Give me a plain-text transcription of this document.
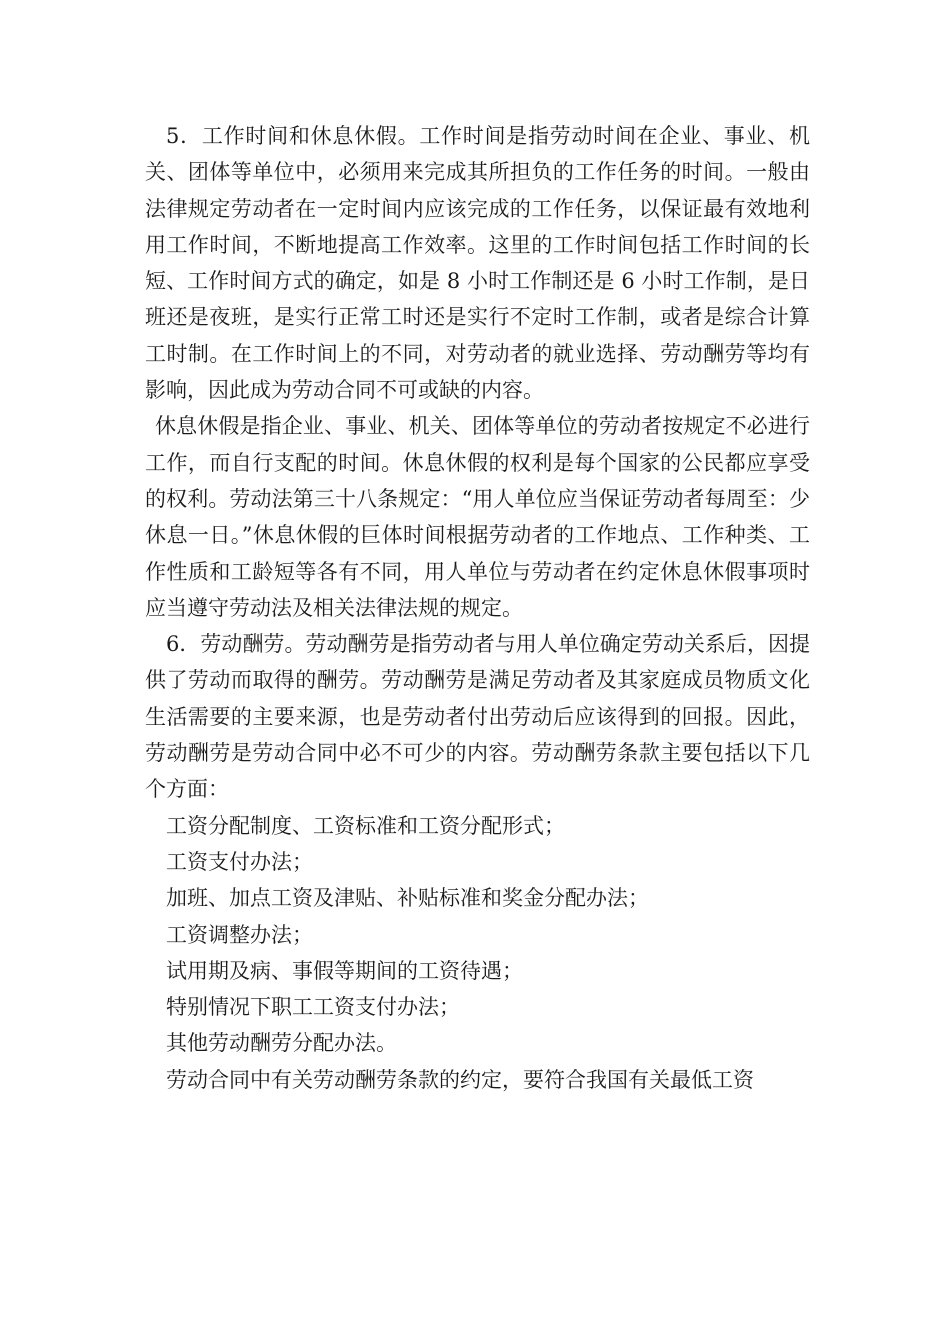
5．工作时间和休息休假。工作时间是指劳动时间在企业、事业、机关、团体等单位中，必须用来完成其所担负的工作任务的时间。一般由法律规定劳动者在一定时间内应该完成的工作任务，以保证最有效地利用工作时间，不断地提高工作效率。这里的工作时间包括工作时间的长短、工作时间方式的确定，如是 8 小时工作制还是 6 小时工作制，是日班还是夜班，是实行正常工时还是实行不定时工作制，或者是综合计算工时制。在工作时间上的不同，对劳动者的就业选择、劳动酬劳等均有影响，因此成为劳动合同不可或缺的内容。

休息休假是指企业、事业、机关、团体等单位的劳动者按规定不必进行工作，而自行支配的时间。休息休假的权利是每个国家的公民都应享受的权利。劳动法第三十八条规定：“用人单位应当保证劳动者每周至：少休息一日。”休息休假的巨体时间根据劳动者的工作地点、工作种类、工作性质和工龄短等各有不同，用人单位与劳动者在约定休息休假事项时应当遵守劳动法及相关法律法规的规定。

6．劳动酬劳。劳动酬劳是指劳动者与用人单位确定劳动关系后，因提供了劳动而取得的酬劳。劳动酬劳是满足劳动者及其家庭成员物质文化生活需要的主要来源，也是劳动者付出劳动后应该得到的回报。因此，劳动酬劳是劳动合同中必不可少的内容。劳动酬劳条款主要包括以下几个方面：

工资分配制度、工资标准和工资分配形式；
工资支付办法；
加班、加点工资及津贴、补贴标准和奖金分配办法；
工资调整办法；
试用期及病、事假等期间的工资待遇；
特别情况下职工工资支付办法；
其他劳动酬劳分配办法。

劳动合同中有关劳动酬劳条款的约定，要符合我国有关最低工资
